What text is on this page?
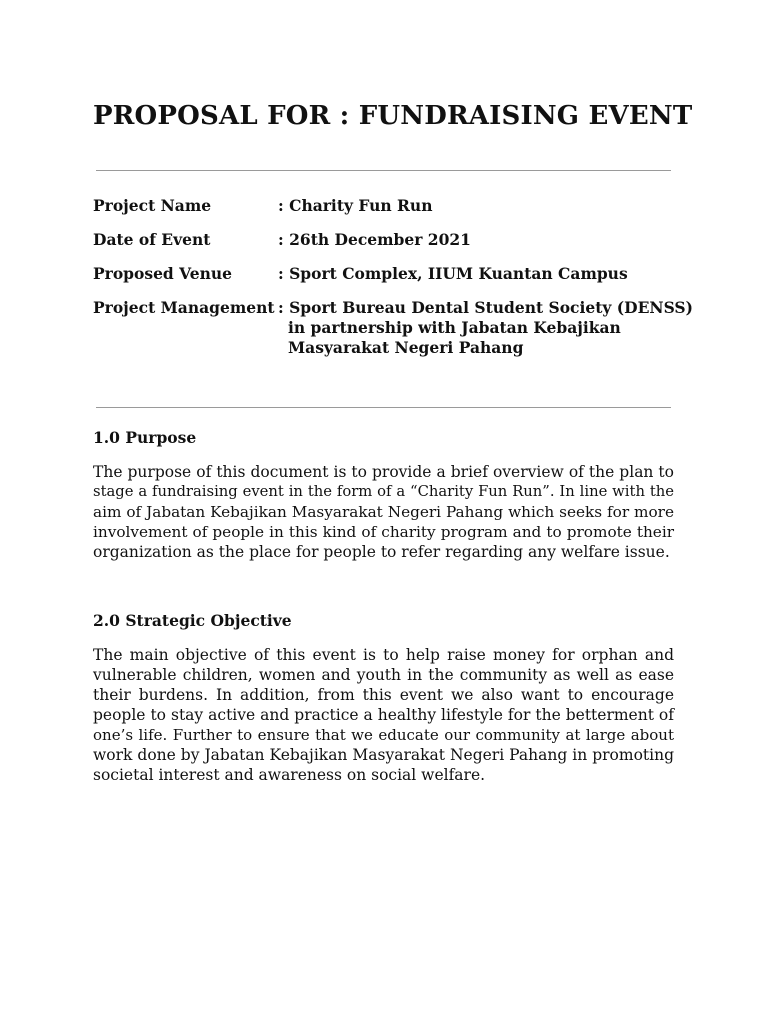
PROPOSAL FOR : FUNDRAISING EVENT
Project Name	: Charity Fun Run
Date of Event	: 26th December 2021
Proposed Venue	: Sport Complex, IIUM Kuantan Campus
Project Management : Sport Bureau Dental Student Society (DENSS)
in partnership with Jabatan Kebajikan
Masyarakat Negeri Pahang
1.0 Purpose

The purpose of this document is to provide a brief overview of the plan to
stage a fundraising event in the form of a “Charity Fun Run”. In line with the
aim of Jabatan Kebajikan Masyarakat Negeri Pahang which seeks for more
involvement of people in this kind of charity program and to promote their
organization as the place for people to refer regarding any welfare issue.

2.0 Strategic Objective

The main objective of this event is to help raise money for orphan and
vulnerable children, women and youth in the community as well as ease
their burdens. In addition, from this event we also want to encourage
people to stay active and practice a healthy lifestyle for the betterment of
one’s life. Further to ensure that we educate our community at large about
work done by Jabatan Kebajikan Masyarakat Negeri Pahang in promoting
societal interest and awareness on social welfare.
